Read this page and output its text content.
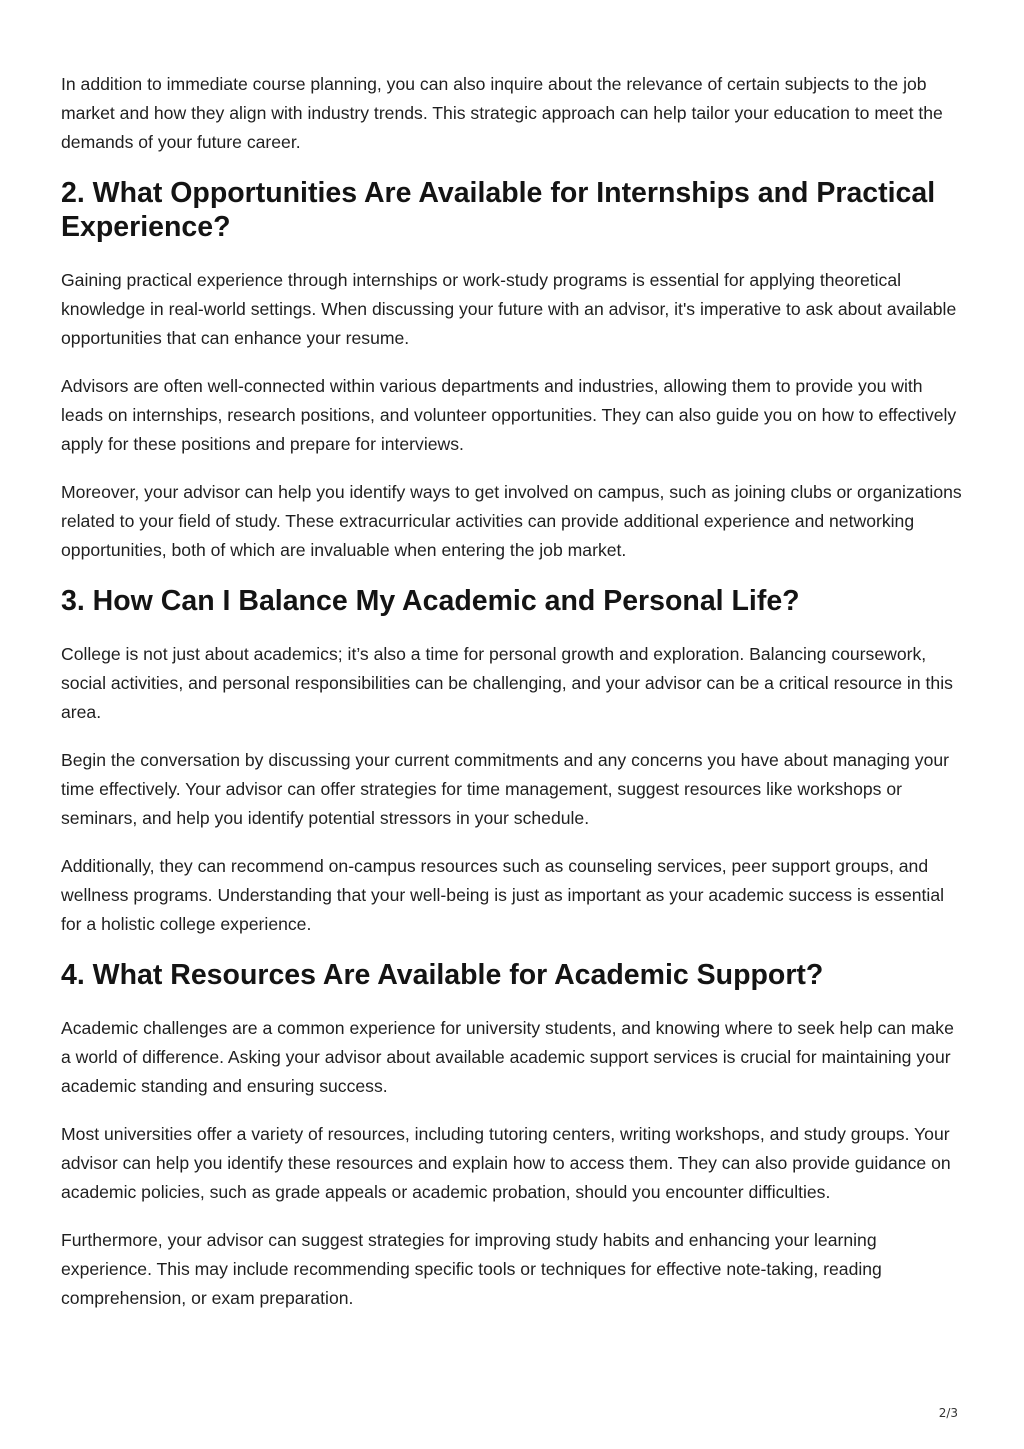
In addition to immediate course planning, you can also inquire about the relevance of certain subjects to the job market and how they align with industry trends. This strategic approach can help tailor your education to meet the demands of your future career.

2. What Opportunities Are Available for Internships and Practical Experience?

Gaining practical experience through internships or work-study programs is essential for applying theoretical knowledge in real-world settings. When discussing your future with an advisor, it's imperative to ask about available opportunities that can enhance your resume.

Advisors are often well-connected within various departments and industries, allowing them to provide you with leads on internships, research positions, and volunteer opportunities. They can also guide you on how to effectively apply for these positions and prepare for interviews.

Moreover, your advisor can help you identify ways to get involved on campus, such as joining clubs or organizations related to your field of study. These extracurricular activities can provide additional experience and networking opportunities, both of which are invaluable when entering the job market.

3. How Can I Balance My Academic and Personal Life?

College is not just about academics; it’s also a time for personal growth and exploration. Balancing coursework, social activities, and personal responsibilities can be challenging, and your advisor can be a critical resource in this area.

Begin the conversation by discussing your current commitments and any concerns you have about managing your time effectively. Your advisor can offer strategies for time management, suggest resources like workshops or seminars, and help you identify potential stressors in your schedule.

Additionally, they can recommend on-campus resources such as counseling services, peer support groups, and wellness programs. Understanding that your well-being is just as important as your academic success is essential for a holistic college experience.

4. What Resources Are Available for Academic Support?

Academic challenges are a common experience for university students, and knowing where to seek help can make a world of difference. Asking your advisor about available academic support services is crucial for maintaining your academic standing and ensuring success.

Most universities offer a variety of resources, including tutoring centers, writing workshops, and study groups. Your advisor can help you identify these resources and explain how to access them. They can also provide guidance on academic policies, such as grade appeals or academic probation, should you encounter difficulties.

Furthermore, your advisor can suggest strategies for improving study habits and enhancing your learning experience. This may include recommending specific tools or techniques for effective note-taking, reading comprehension, or exam preparation.

2/3
